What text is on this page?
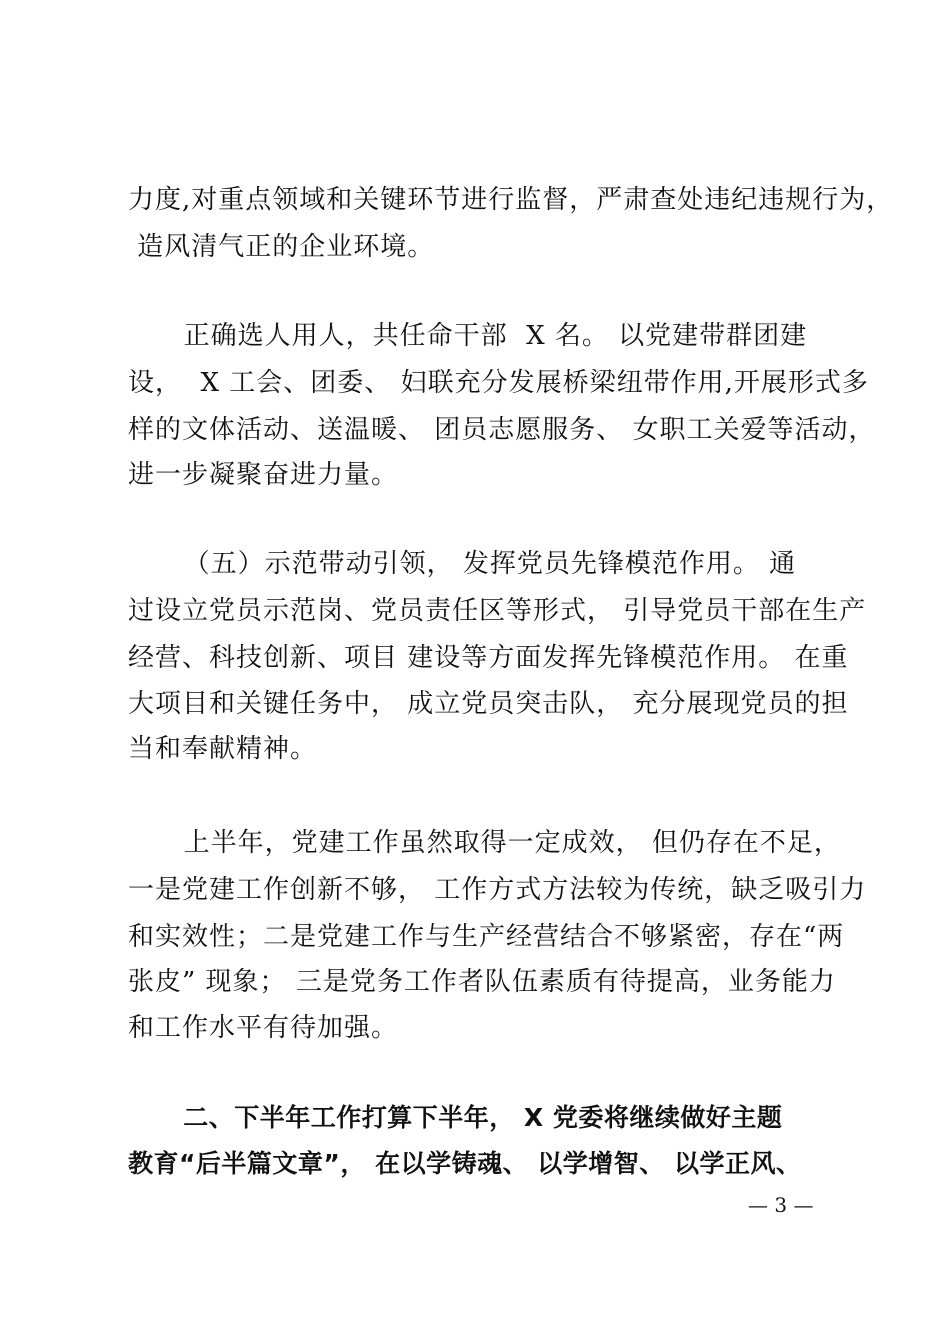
力度,对重点领域和关键环节进行监督，严肃查处违纪违规行为，
造风清气正的企业环境。
正确选人用人，共任命干部  X 名。 以党建带群团建
设，  X 工会、团委、 妇联充分发展桥梁纽带作用,开展形式多
样的文体活动、送温暖、 团员志愿服务、 女职工关爱等活动，
进一步凝聚奋进力量。
（五）示范带动引领， 发挥党员先锋模范作用。 通
过设立党员示范岗、党员责任区等形式， 引导党员干部在生产
经营、科技创新、项目 建设等方面发挥先锋模范作用。 在重
大项目和关键任务中， 成立党员突击队， 充分展现党员的担
当和奉献精神。
上半年，党建工作虽然取得一定成效， 但仍存在不足，
一是党建工作创新不够， 工作方式方法较为传统，缺乏吸引力
和实效性；二是党建工作与生产经营结合不够紧密，存在“两
张皮” 现象； 三是党务工作者队伍素质有待提高，业务能力
和工作水平有待加强。
二、下半年工作打算下半年， X 党委将继续做好主题
教育“后半篇文章”， 在以学铸魂、 以学增智、 以学正风、
— 3 —
